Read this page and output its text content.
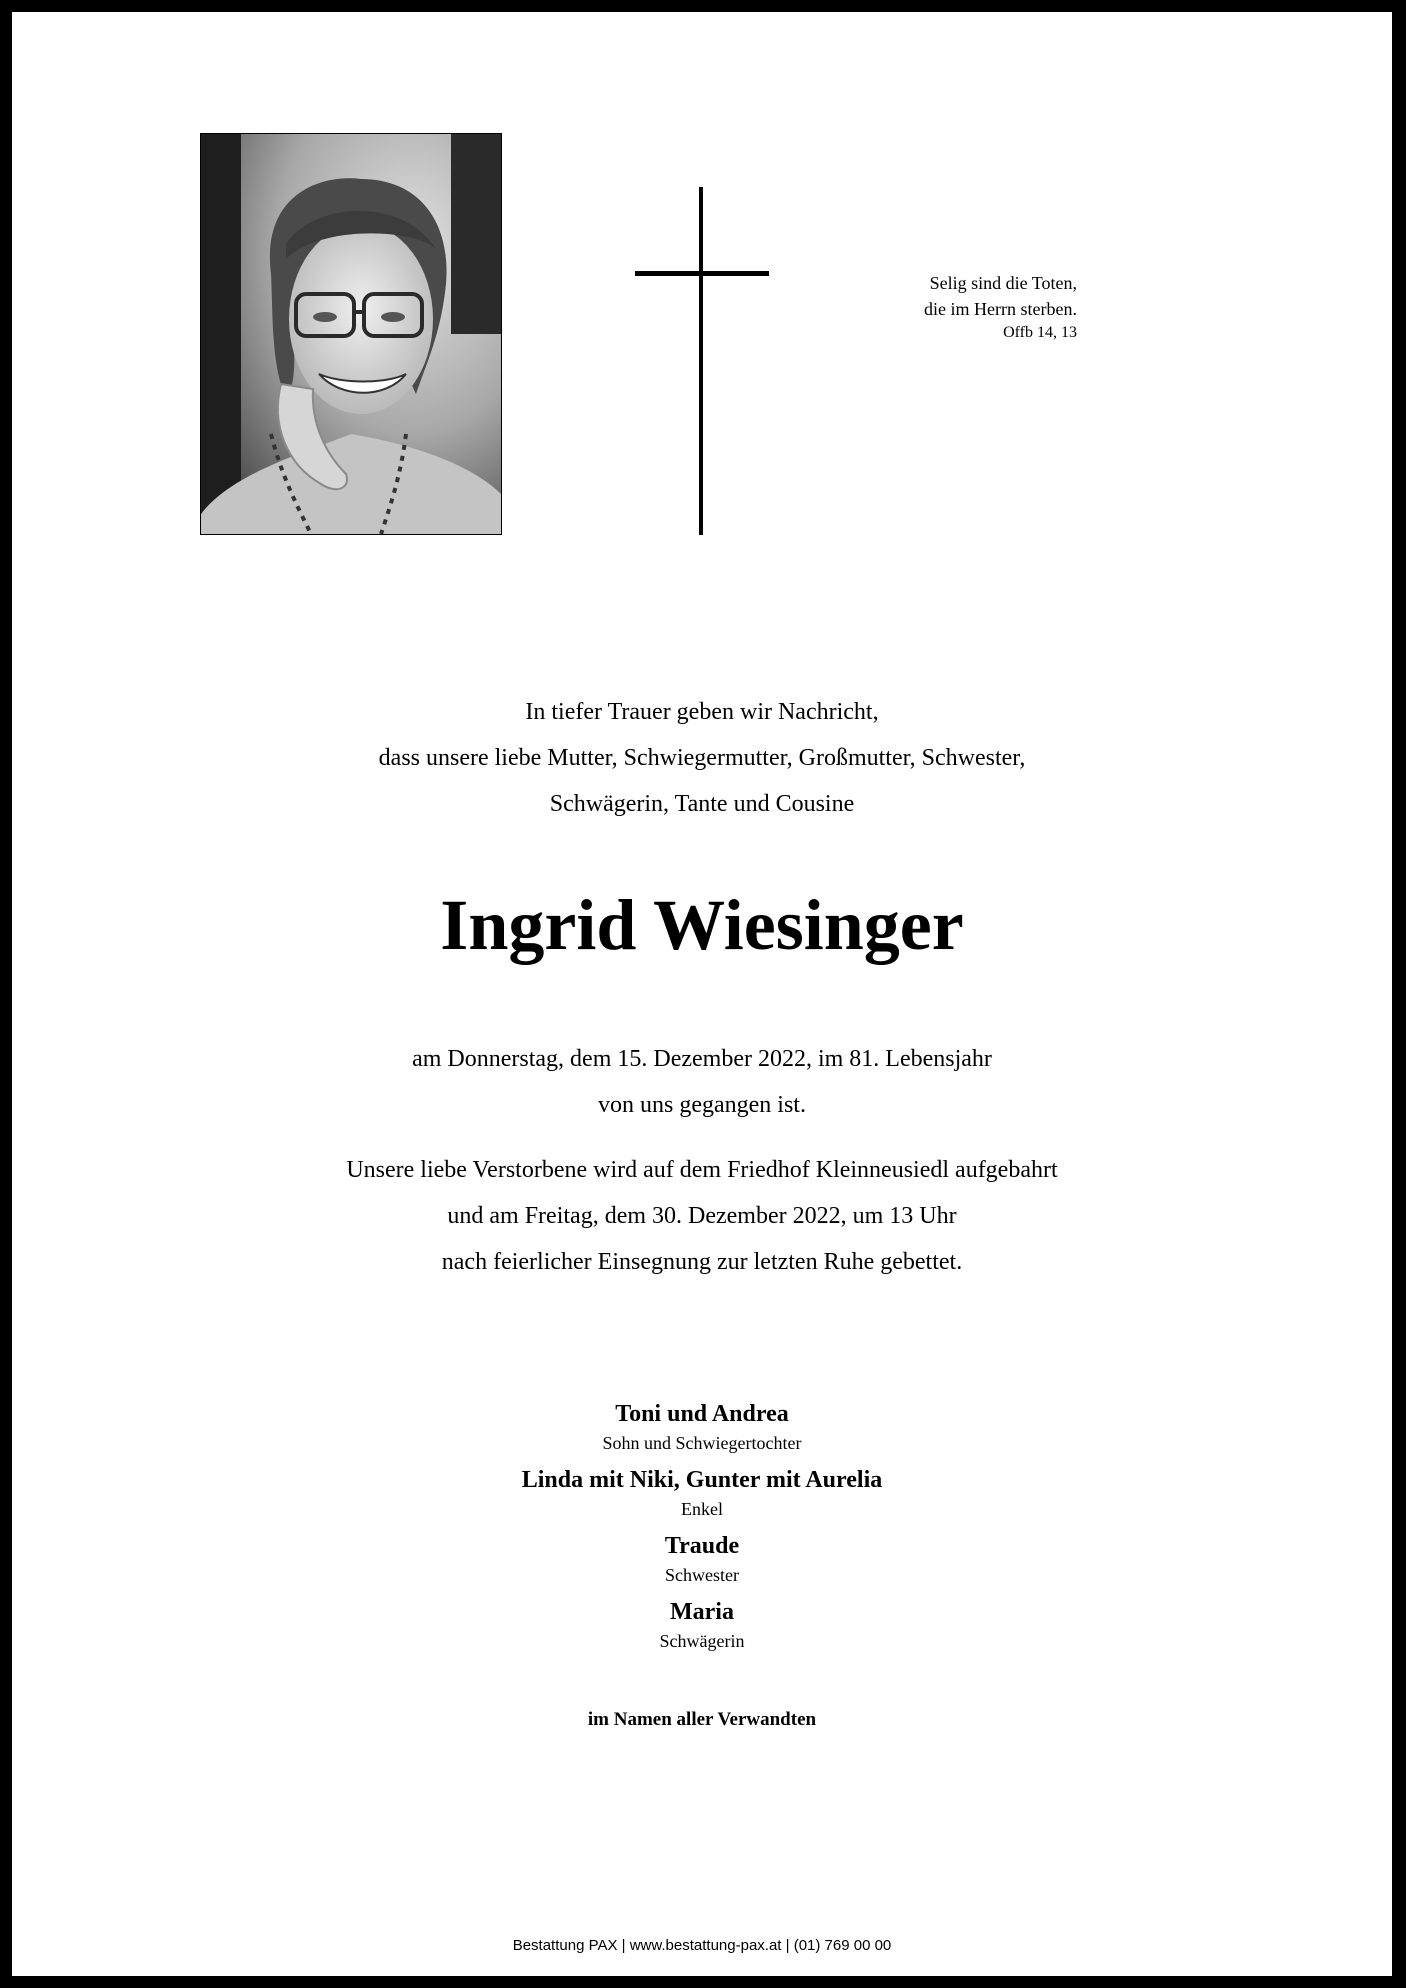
Selig sind die Toten,
die im Herrn sterben.
Offb 14, 13
In tiefer Trauer geben wir Nachricht,
dass unsere liebe Mutter, Schwiegermutter, Großmutter, Schwester,
Schwägerin, Tante und Cousine
Ingrid Wiesinger
am Donnerstag, dem 15. Dezember 2022, im 81. Lebensjahr
von uns gegangen ist.
Unsere liebe Verstorbene wird auf dem Friedhof Kleinneusiedl aufgebahrt
und am Freitag, dem 30. Dezember 2022, um 13 Uhr
nach feierlicher Einsegnung zur letzten Ruhe gebettet.
Toni und Andrea
Sohn und Schwiegertochter
Linda mit Niki, Gunter mit Aurelia
Enkel
Traude
Schwester
Maria
Schwägerin
im Namen aller Verwandten
Bestattung PAX | www.bestattung-pax.at | (01) 769 00 00
